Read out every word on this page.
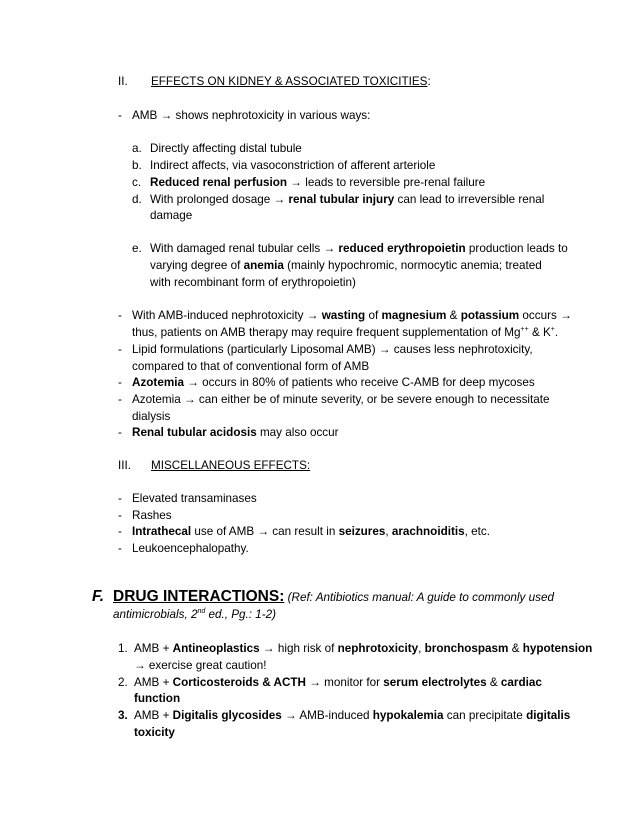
II. EFFECTS ON KIDNEY & ASSOCIATED TOXICITIES:
- AMB → shows nephrotoxicity in various ways:
a. Directly affecting distal tubule
b. Indirect affects, via vasoconstriction of afferent arteriole
c. Reduced renal perfusion → leads to reversible pre-renal failure
d. With prolonged dosage → renal tubular injury can lead to irreversible renal
damage
e. With damaged renal tubular cells → reduced erythropoietin production leads to
varying degree of anemia (mainly hypochromic, normocytic anemia; treated
with recombinant form of erythropoietin)
- With AMB-induced nephrotoxicity → wasting of magnesium & potassium occurs →
thus, patients on AMB therapy may require frequent supplementation of Mg++ & K+.
- Lipid formulations (particularly Liposomal AMB) → causes less nephrotoxicity,
compared to that of conventional form of AMB
- Azotemia → occurs in 80% of patients who receive C-AMB for deep mycoses
- Azotemia → can either be of minute severity, or be severe enough to necessitate
dialysis
- Renal tubular acidosis may also occur
III. MISCELLANEOUS EFFECTS:
- Elevated transaminases
- Rashes
- Intrathecal use of AMB → can result in seizures, arachnoiditis, etc.
- Leukoencephalopathy.
F. DRUG INTERACTIONS: (Ref: Antibiotics manual: A guide to commonly used
antimicrobials, 2nd ed., Pg.: 1-2)
1. AMB + Antineoplastics → high risk of nephrotoxicity, bronchospasm & hypotension
→ exercise great caution!
2. AMB + Corticosteroids & ACTH → monitor for serum electrolytes & cardiac
function
3. AMB + Digitalis glycosides → AMB-induced hypokalemia can precipitate digitalis
toxicity
